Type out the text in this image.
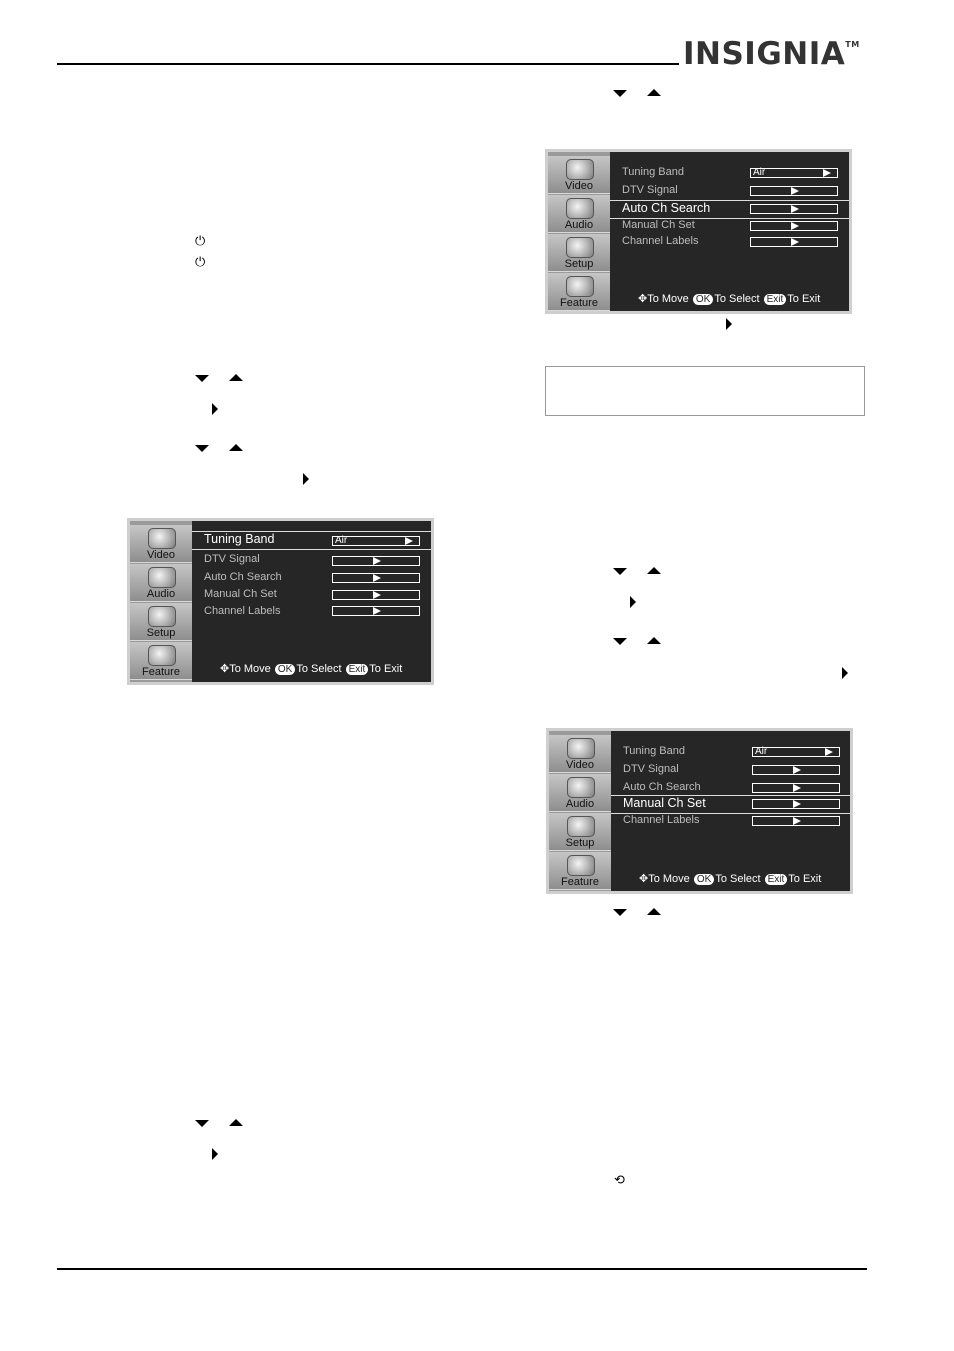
INSIGNIA™
⏻
⏻
⟲
Video
Audio
Setup
Feature
Tuning Band
DTV Signal
Auto Ch Search
Manual Ch Set
Channel Labels
Air
✥To Move OK To Select Exit To Exit
Video
Audio
Setup
Feature
Tuning Band
DTV Signal
Auto Ch Search
Manual Ch Set
Channel Labels
Air
✥To Move OK To Select Exit To Exit
Video
Audio
Setup
Feature
Tuning Band
DTV Signal
Auto Ch Search
Manual Ch Set
Channel Labels
Air
✥To Move OK To Select Exit To Exit
